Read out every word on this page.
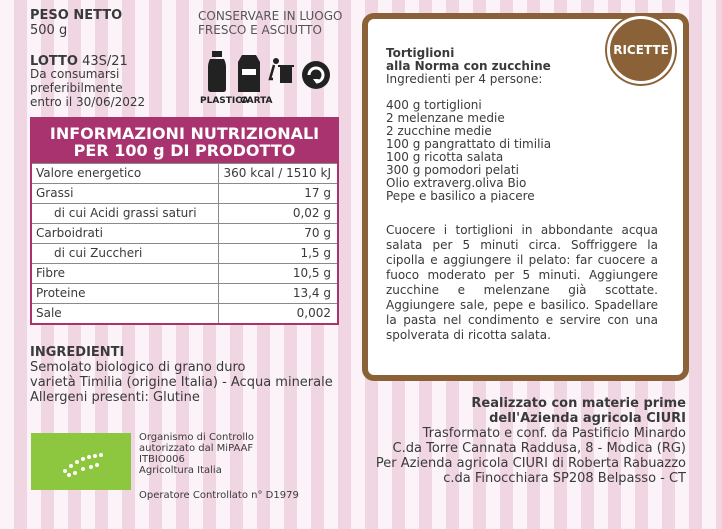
PESO NETTO
500 g
LOTTO 43S/21
Da consumarsi
preferibilmente
entro il 30/06/2022
CONSERVARE IN LUOGO
FRESCO E ASCIUTTO
PLASTICA
CARTA
INFORMAZIONI NUTRIZIONALI
PER 100 g DI PRODOTTO
Valore energetico	360 kcal / 1510 kJ
Grassi	17 g
di cui Acidi grassi saturi	0,02 g
Carboidrati	70 g
di cui Zuccheri	1,5 g
Fibre	10,5 g
Proteine	13,4 g
Sale	0,002
INGREDIENTI
Semolato biologico di grano duro
varietà Timilia (origine Italia) - Acqua minerale
Allergeni presenti: Glutine
Organismo di Controllo
autorizzato dal MiPAAF
ITBIO006
Agricoltura Italia
Operatore Controllato n° D1979
RICETTE
Tortiglioni
alla Norma con zucchine
Ingredienti per 4 persone:
400 g tortiglioni
2 melenzane medie
2 zucchine medie
100 g pangrattato di timilia
100 g ricotta salata
300 g pomodori pelati
Olio extraverg.oliva Bio
Pepe e basilico a piacere
Cuocere i tortiglioni in abbondante acqua salata per 5 minuti circa. Soffriggere la cipolla e aggiungere il pelato: far cuocere a fuoco moderato per 5 minuti. Aggiungere zucchine e melenzane già scottate. Aggiungere sale, pepe e basilico. Spadellare la pasta nel condimento e servire con una spolverata di ricotta salata.
Realizzato con materie prime
dell'Azienda agricola CIURI
Trasformato e conf. da Pastificio Minardo
C.da Torre Cannata Raddusa, 8 - Modica (RG)
Per Azienda agricola CIURI di Roberta Rabuazzo
c.da Finocchiara SP208 Belpasso - CT
